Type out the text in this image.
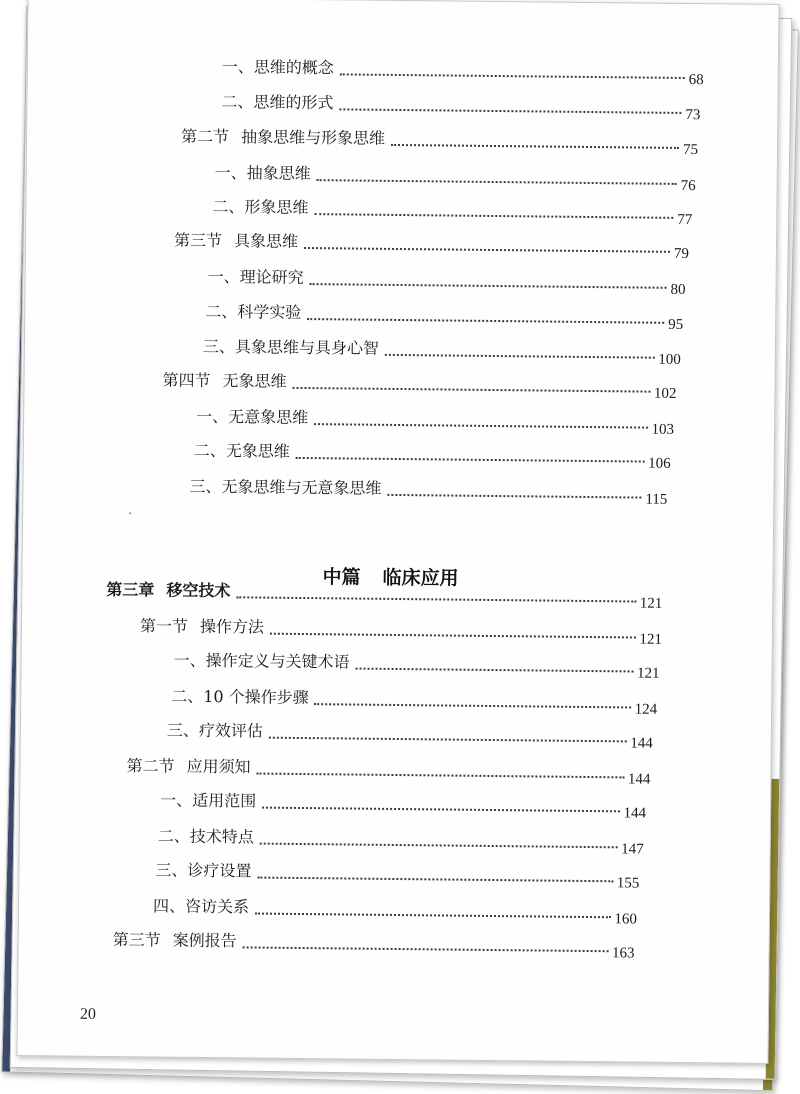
一、思维的概念
68
二、思维的形式
73
第二节 抽象思维与形象思维
75
一、抽象思维
76
二、形象思维
77
第三节 具象思维
79
一、理论研究
80
二、科学实验
95
三、具象思维与具身心智
100
第四节 无象思维
102
一、无意象思维
103
二、无象思维
106
三、无象思维与无意象思维
115
第三章 移空技术
121
第一节 操作方法
121
一、操作定义与关键术语
121
二、10 个操作步骤
124
三、疗效评估
144
第二节 应用须知
144
一、适用范围
144
二、技术特点
147
三、诊疗设置
155
四、咨访关系
160
第三节 案例报告
163
中篇 临床应用
20
